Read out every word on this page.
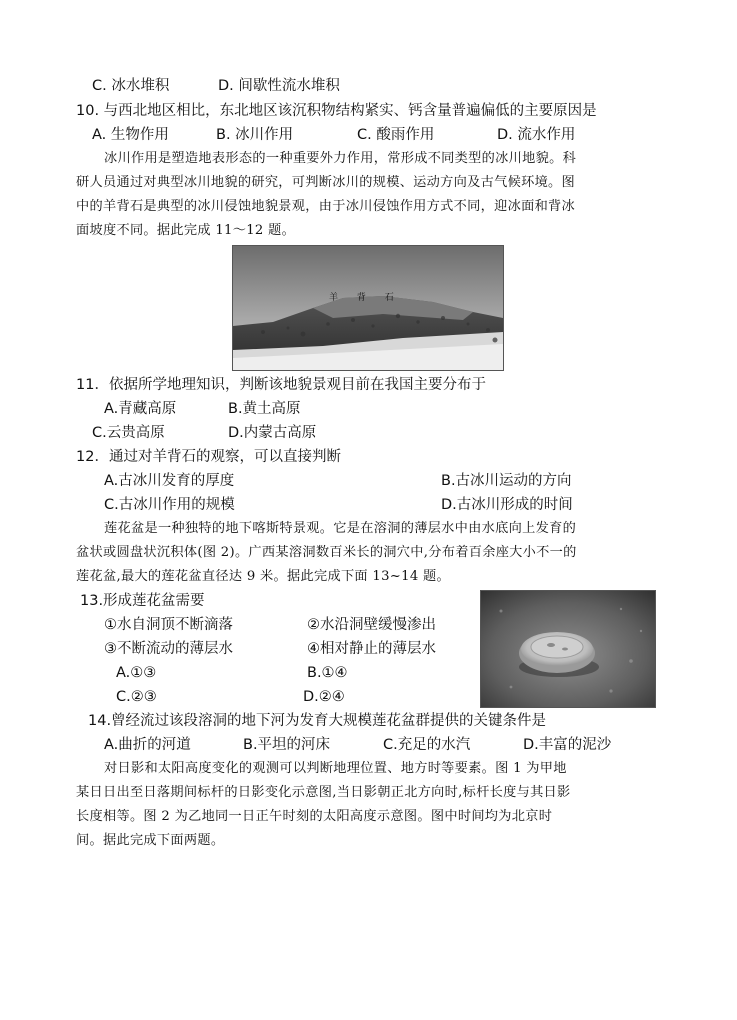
C. 冰水堆积	D. 间歇性流水堆积
10. 与西北地区相比，东北地区该沉积物结构紧实、钙含量普遍偏低的主要原因是
A. 生物作用	B. 冰川作用	C. 酸雨作用	D. 流水作用
冰川作用是塑造地表形态的一种重要外力作用，常形成不同类型的冰川地貌。科
研人员通过对典型冰川地貌的研究，可判断冰川的规模、运动方向及古气候环境。图
中的羊背石是典型的冰川侵蚀地貌景观，由于冰川侵蚀作用方式不同，迎冰面和背冰
面坡度不同。据此完成 11～12 题。
羊 背 石
11．依据所学地理知识，判断该地貌景观目前在我国主要分布于
A.青藏高原	B.黄土高原
C.云贵高原	D.内蒙古高原
12．通过对羊背石的观察，可以直接判断
A.古冰川发育的厚度	B.古冰川运动的方向
C.古冰川作用的规模	D.古冰川形成的时间
莲花盆是一种独特的地下喀斯特景观。它是在溶洞的薄层水中由水底向上发育的
盆状或圆盘状沉积体(图 2)。广西某溶洞数百米长的洞穴中,分布着百余座大小不一的
莲花盆,最大的莲花盆直径达 9 米。据此完成下面 13~14 题。
13.形成莲花盆需要
①水自洞顶不断滴落	②水沿洞壁缓慢渗出
③不断流动的薄层水	④相对静止的薄层水
A.①③	B.①④
C.②③	D.②④
14.曾经流过该段溶洞的地下河为发育大规模莲花盆群提供的关键条件是
A.曲折的河道	B.平坦的河床	C.充足的水汽	D.丰富的泥沙
对日影和太阳高度变化的观测可以判断地理位置、地方时等要素。图 1 为甲地
某日日出至日落期间标杆的日影变化示意图,当日影朝正北方向时,标杆长度与其日影
长度相等。图 2 为乙地同一日正午时刻的太阳高度示意图。图中时间均为北京时
间。据此完成下面两题。
